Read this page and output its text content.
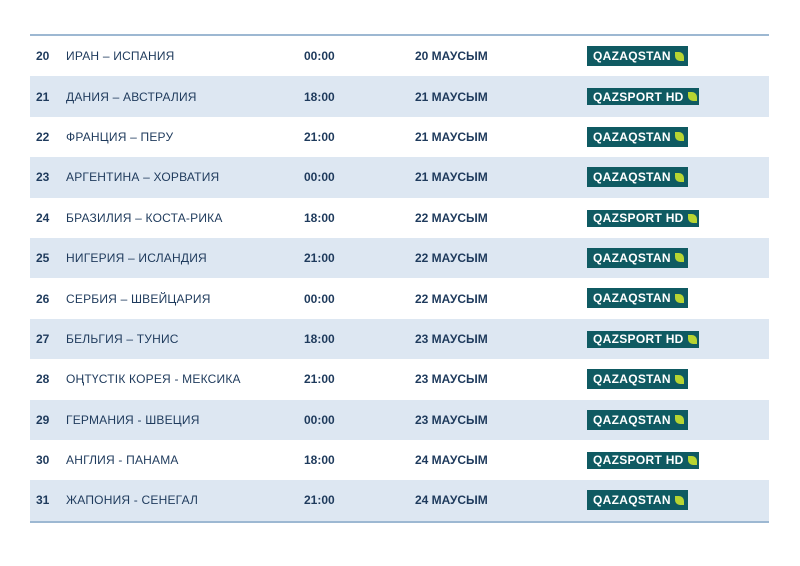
20 ИРАН – ИСПАНИЯ	00:00	20 МАУСЫМ	QAZAQSTAN
21 ДАНИЯ – АВСТРАЛИЯ	18:00	21 МАУСЫМ	QAZSPORT HD
22 ФРАНЦИЯ – ПЕРУ	21:00	21 МАУСЫМ	QAZAQSTAN
23 АРГЕНТИНА – ХОРВАТИЯ	00:00	21 МАУСЫМ	QAZAQSTAN
24 БРАЗИЛИЯ – КОСТА-РИКА	18:00	22 МАУСЫМ	QAZSPORT HD
25 НИГЕРИЯ – ИСЛАНДИЯ	21:00	22 МАУСЫМ	QAZAQSTAN
26 СЕРБИЯ – ШВЕЙЦАРИЯ	00:00	22 МАУСЫМ	QAZAQSTAN
27 БЕЛЬГИЯ – ТУНИС	18:00	23 МАУСЫМ	QAZSPORT HD
28 ОҢТҮСТІК КОРЕЯ - МЕКСИКА	21:00	23 МАУСЫМ	QAZAQSTAN
29 ГЕРМАНИЯ - ШВЕЦИЯ	00:00	23 МАУСЫМ	QAZAQSTAN
30 АНГЛИЯ - ПАНАМА	18:00	24 МАУСЫМ	QAZSPORT HD
31 ЖАПОНИЯ - СЕНЕГАЛ	21:00	24 МАУСЫМ	QAZAQSTAN
